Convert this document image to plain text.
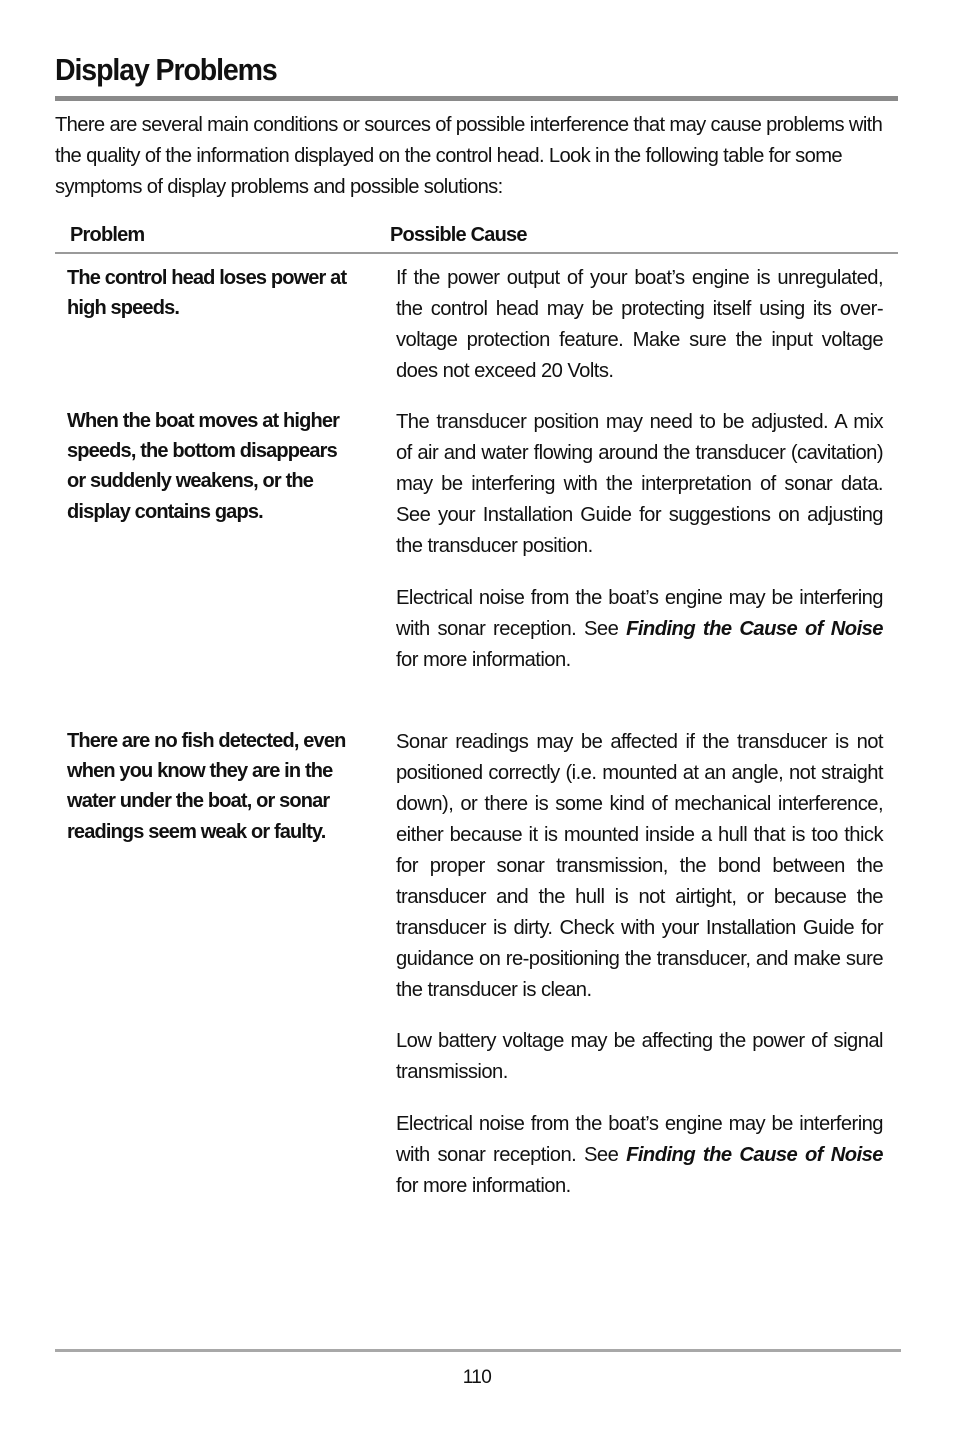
Display Problems

There are several main conditions or sources of possible interference that may cause problems with the quality of the information displayed on the control head. Look in the following table for some symptoms of display problems and possible solutions:

Problem	Possible Cause
The control head loses power at high speeds.

If the power output of your boat’s engine is unregulated, the control head may be protecting itself using its over-voltage protection feature. Make sure the input voltage does not exceed 20 Volts.

When the boat moves at higher speeds, the bottom disappears or suddenly weakens, or the display contains gaps.

The transducer position may need to be adjusted. A mix of air and water flowing around the transducer (cavitation) may be interfering with the interpretation of sonar data. See your Installation Guide for suggestions on adjusting the transducer position.

Electrical noise from the boat’s engine may be interfering with sonar reception. See Finding the Cause of Noise for more information.

There are no fish detected, even when you know they are in the water under the boat, or sonar readings seem weak or faulty.

Sonar readings may be affected if the transducer is not positioned correctly (i.e. mounted at an angle, not straight down), or there is some kind of mechanical interference, either because it is mounted inside a hull that is too thick for proper sonar transmission, the bond between the transducer and the hull is not airtight, or because the transducer is dirty. Check with your Installation Guide for guidance on re-positioning the transducer, and make sure the transducer is clean.

Low battery voltage may be affecting the power of signal transmission.

Electrical noise from the boat’s engine may be interfering with sonar reception. See Finding the Cause of Noise for more information.

110
